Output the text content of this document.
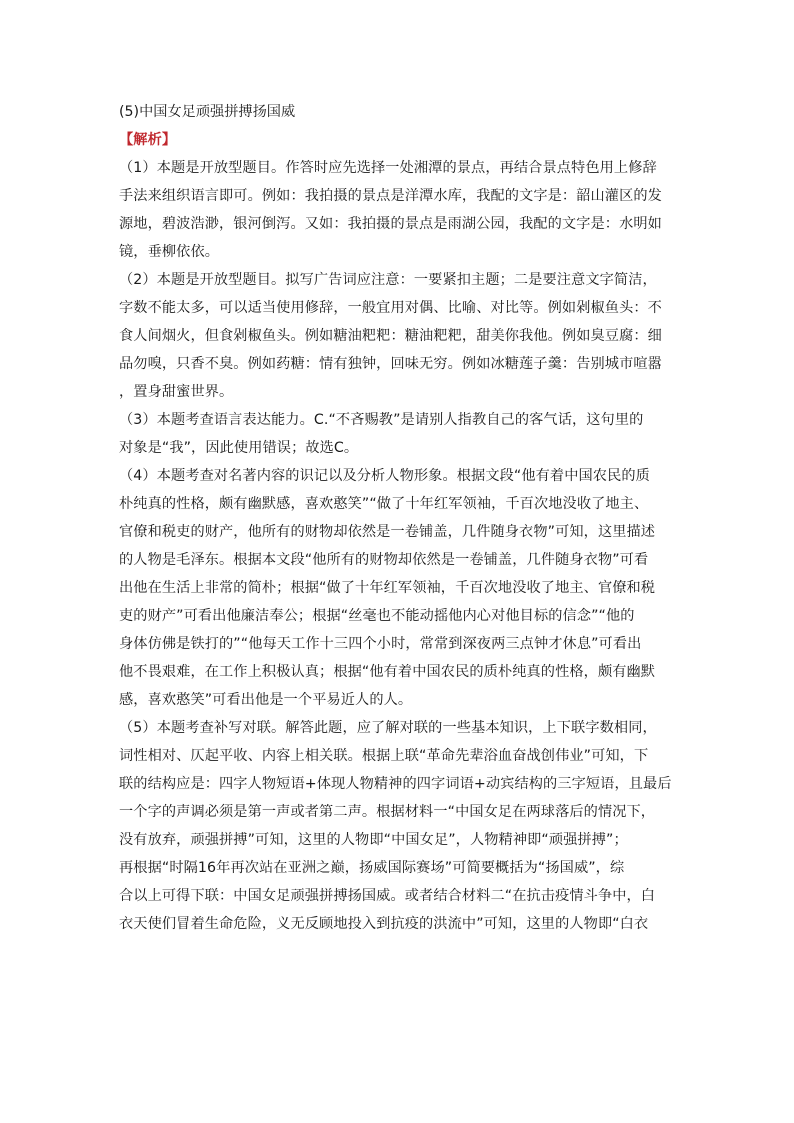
(5)中国女足顽强拼搏扬国威
【解析】
（1）本题是开放型题目。作答时应先选择一处湘潭的景点，再结合景点特色用上修辞
手法来组织语言即可。例如：我拍摄的景点是洋潭水库，我配的文字是：韶山灌区的发
源地，碧波浩渺，银河倒泻。又如：我拍摄的景点是雨湖公园，我配的文字是：水明如
镜，垂柳依依。
（2）本题是开放型题目。拟写广告词应注意：一要紧扣主题；二是要注意文字简洁，
字数不能太多，可以适当使用修辞，一般宜用对偶、比喻、对比等。例如剁椒鱼头：不
食人间烟火，但食剁椒鱼头。例如糖油粑粑：糖油粑粑，甜美你我他。例如臭豆腐：细
品勿嗅，只香不臭。例如药糖：情有独钟，回味无穷。例如冰糖莲子羹：告别城市喧嚣
，置身甜蜜世界。
（3）本题考查语言表达能力。C.“不吝赐教”是请别人指教自己的客气话，这句里的
对象是“我”，因此使用错误；故选C。
（4）本题考查对名著内容的识记以及分析人物形象。根据文段“他有着中国农民的质
朴纯真的性格，颇有幽默感，喜欢憨笑”“做了十年红军领袖，千百次地没收了地主、
官僚和税吏的财产，他所有的财物却依然是一卷铺盖，几件随身衣物”可知，这里描述
的人物是毛泽东。根据本文段“他所有的财物却依然是一卷铺盖，几件随身衣物”可看
出他在生活上非常的简朴；根据“做了十年红军领袖，千百次地没收了地主、官僚和税
吏的财产”可看出他廉洁奉公；根据“丝毫也不能动摇他内心对他目标的信念”“他的
身体仿佛是铁打的”“他每天工作十三四个小时，常常到深夜两三点钟才休息”可看出
他不畏艰难，在工作上积极认真；根据“他有着中国农民的质朴纯真的性格，颇有幽默
感，喜欢憨笑”可看出他是一个平易近人的人。
（5）本题考查补写对联。解答此题，应了解对联的一些基本知识，上下联字数相同，
词性相对、仄起平收、内容上相关联。根据上联“革命先辈浴血奋战创伟业”可知，下
联的结构应是：四字人物短语+体现人物精神的四字词语+动宾结构的三字短语，且最后
一个字的声调必须是第一声或者第二声。根据材料一“中国女足在两球落后的情况下，
没有放弃，顽强拼搏”可知，这里的人物即“中国女足”，人物精神即“顽强拼搏”；
再根据“时隔16年再次站在亚洲之巅，扬威国际赛场”可简要概括为“扬国威”，综
合以上可得下联：中国女足顽强拼搏扬国威。或者结合材料二“在抗击疫情斗争中，白
衣天使们冒着生命危险，义无反顾地投入到抗疫的洪流中”可知，这里的人物即“白衣
